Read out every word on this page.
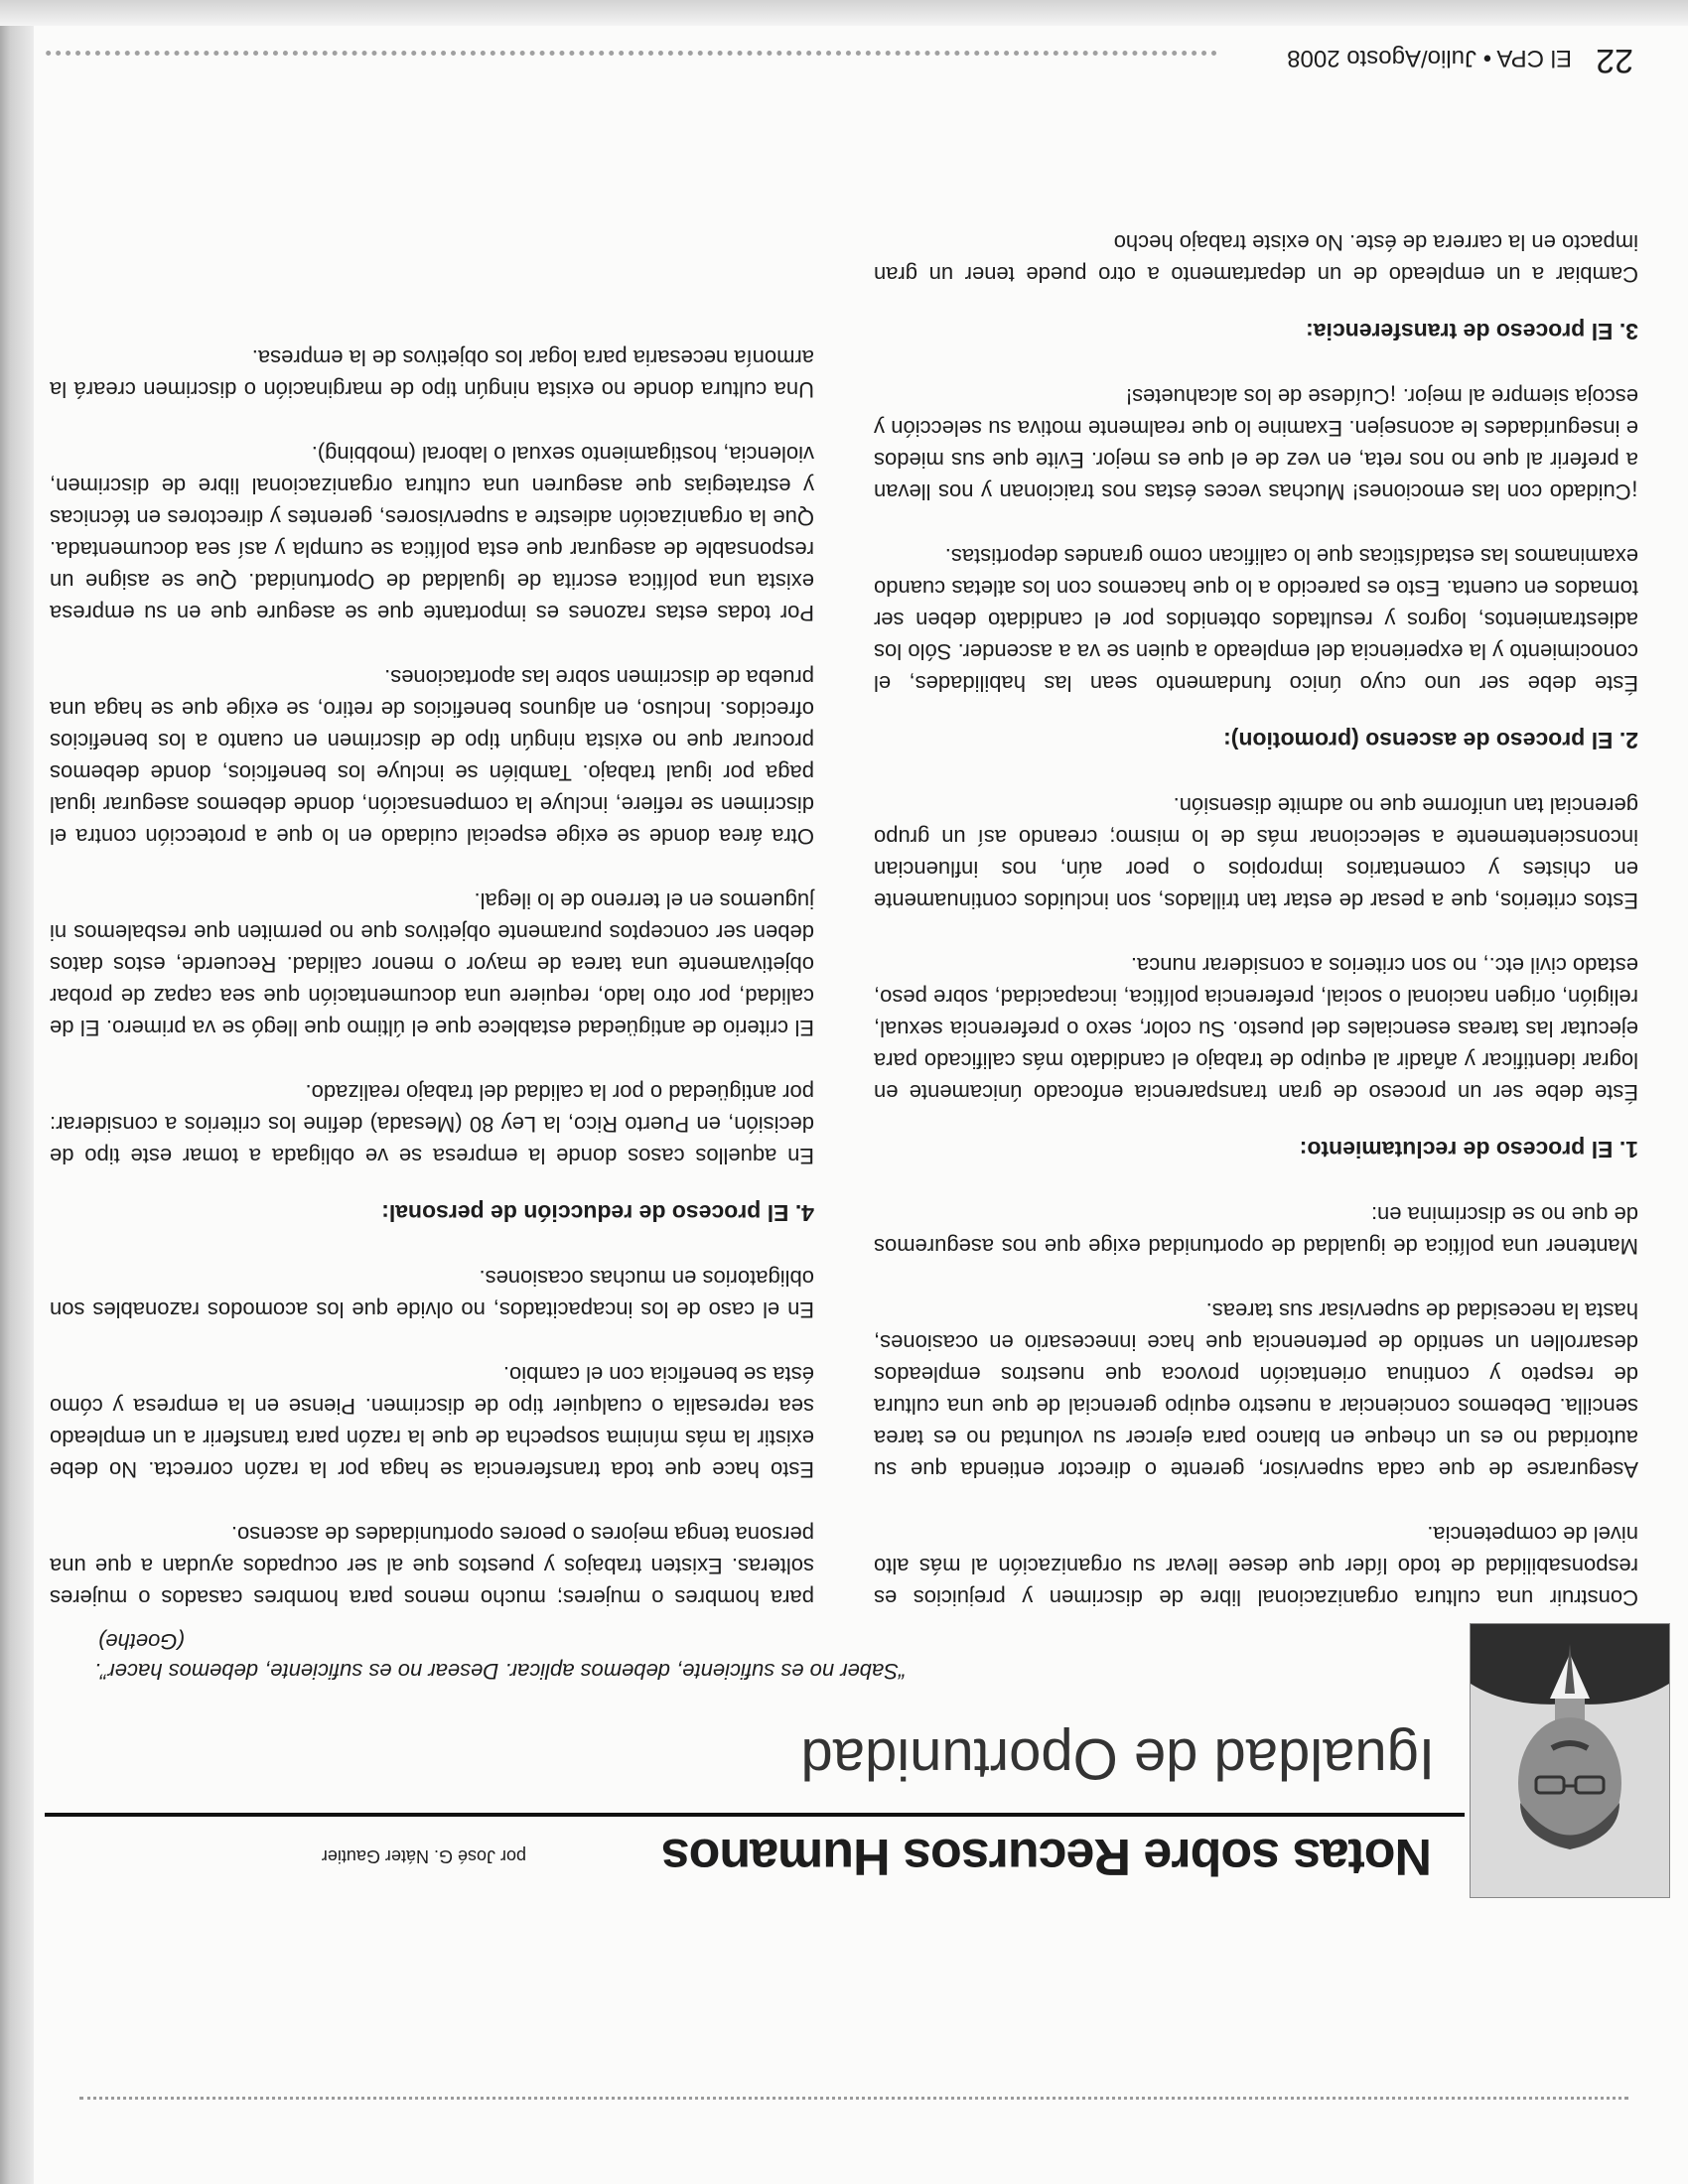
Notas sobre Recursos Humanos
por José G. Náter Gautier
Igualdad de Oportunidad
“Saber no es suficiente, debemos aplicar. Desear no es suficiente, debemos hacer”.
(Goethe)

Construir una cultura organizacional libre de discrimen y prejuicios es responsabilidad de todo líder que desee llevar su organización al más alto nivel de competencia.

Asegurarse de que cada supervisor, gerente o director entienda que su autoridad no es un cheque en blanco para ejercer su voluntad no es tarea sencilla. Debemos concienciar a nuestro equipo gerencial de que una cultura de respeto y continua orientación provoca que nuestros empleados desarrollen un sentido de pertenencia que hace innecesario en ocasiones, hasta la necesidad de supervisar sus tareas.

Mantener una política de igualdad de oportunidad exige que nos aseguremos de que no se discrimina en:

1. El proceso de reclutamiento:

Éste debe ser un proceso de gran transparencia enfocado únicamente en lograr identificar y añadir al equipo de trabajo el candidato más calificado para ejecutar las tareas esenciales del puesto. Su color, sexo o preferencia sexual, religión, origen nacional o social, preferencia política, incapacidad, sobre peso, estado civil etc., no son criterios a considerar nunca.

Estos criterios, que a pesar de estar tan trillados, son incluidos continuamente en chistes y comentarios impropios o peor aún, nos influencian inconscientemente a seleccionar más de lo mismo; creando así un grupo gerencial tan uniforme que no admite disensión.

2. El proceso de ascenso (promotion):

Éste debe ser uno cuyo único fundamento sean las habilidades, el conocimiento y la experiencia del empleado a quien se va a ascender. Sólo los adiestramientos, logros y resultados obtenidos por el candidato deben ser tomados en cuenta. Esto es parecido a lo que hacemos con los atletas cuando examinamos las estadísticas que lo califican como grandes deportistas.

¡Cuidado con las emociones! Muchas veces éstas nos traicionan y nos llevan a preferir al que no nos reta, en vez de el que es mejor. Evite que sus miedos e inseguridades le aconsejen. Examine lo que realmente motiva su selección y escoja siempre al mejor. ¡Cuídese de los alcahuetes!

3. El proceso de transferencia:

Cambiar a un empleado de un departamento a otro puede tener un gran impacto en la carrera de éste. No existe trabajo hecho

para hombres o mujeres; mucho menos para hombres casados o mujeres solteras. Existen trabajos y puestos que al ser ocupados ayudan a que una persona tenga mejores o peores oportunidades de ascenso.

Esto hace que toda transferencia se haga por la razón correcta. No debe existir la más mínima sospecha de que la razón para transferir a un empleado sea represalia o cualquier tipo de discrimen. Piense en la empresa y cómo ésta se beneficia con el cambio.

En el caso de los incapacitados, no olvide que los acomodos razonables son obligatorios en muchas ocasiones.

4. El proceso de reducción de personal:

En aquellos casos donde la empresa se ve obligada a tomar este tipo de decisión, en Puerto Rico, la Ley 80 (Mesada) define los criterios a considerar: por antigüedad o por la calidad del trabajo realizado.

El criterio de antigüedad establece que el último que llegó se va primero. El de calidad, por otro lado, requiere una documentación que sea capaz de probar objetivamente una tarea de mayor o menor calidad. Recuerde, estos datos deben ser conceptos puramente objetivos que no permiten que resbalemos ni juguemos en el terreno de lo ilegal.

Otra área donde se exige especial cuidado en lo que a protección contra el discrimen se refiere, incluye la compensación, donde debemos asegurar igual paga por igual trabajo. También se incluye los beneficios, donde debemos procurar que no exista ningún tipo de discrimen en cuanto a los beneficios ofrecidos. Incluso, en algunos beneficios de retiro, se exige que se haga una prueba de discrimen sobre las aportaciones.

Por todas estas razones es importante que se asegure que en su empresa exista una política escrita de Igualdad de Oportunidad. Que se asigne un responsable de asegurar que esta política se cumpla y así sea documentada. Que la organización adiestre a supervisores, gerentes y directores en técnicas y estrategias que aseguren una cultura organizacional libre de discrimen, violencia, hostigamiento sexual o laboral (mobbing).

Una cultura donde no exista ningún tipo de marginación o discrimen creará la armonía necesaria para logar los objetivos de la empresa.

22
El CPA • Julio/Agosto 2008
